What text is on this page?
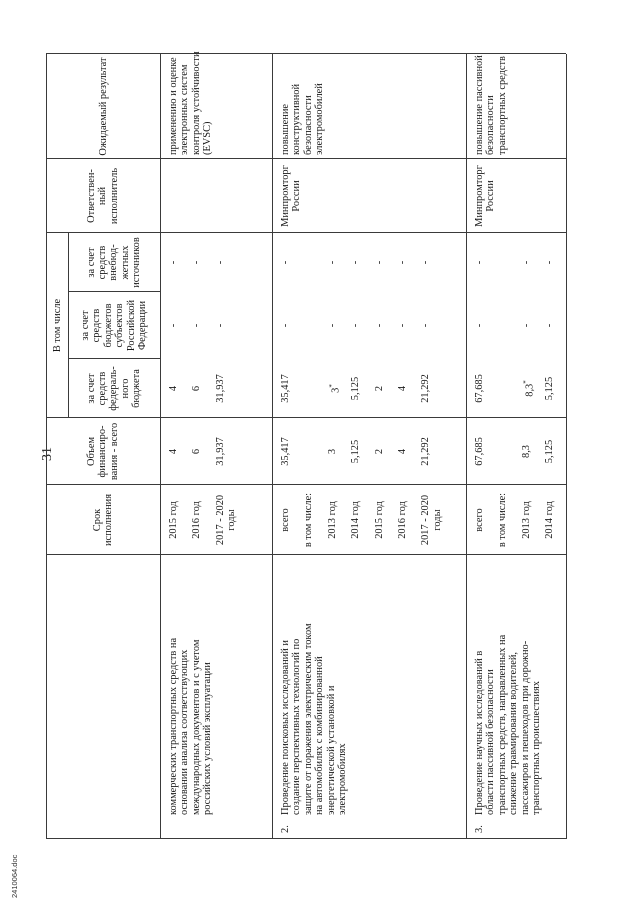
31
Срок исполнения
Объем финансиро-вания - всего
В том числе
за счет средств федераль-ного бюджета
за счет средств бюджетов субъектов Российской Федерации
за счет средств внебюд-жетных источников
Ответствен-ный исполнитель
Ожидаемый результат
коммерческих транспортных средств на основании анализа соответствующих международных документов и с учетом российских условий эксплуатации
применению и оценке электронных систем контроля устойчивости (EVSC)
2015 год
4
4
-
-
2016 год
6
6
-
-
2017 - 2020 годы
31,937
31,937
-
-
2.
Проведение поисковых исследований и создание перспективных технологий по защите от поражения электрическим током на автомобилях с комбинированной энергетической установкой и электромобилях
Минпромторг России
повышение конструктивной безопасности электромобилей
всего
35,417
35,417
-
-
в том числе: 2013 год
3
3*
-
-
2014 год
5,125
5,125
-
-
2015 год
2
2
-
-
2016 год
4
4
-
-
2017 - 2020 годы
21,292
21,292
-
-
3.
Проведение научных исследований в области пассивной безопасности транспортных средств, направленных на снижение травмирования водителей, пассажиров и пешеходов при дорожно- транспортных происшествиях
Минпромторг России
повышение пассивной безопасности транспортных средств
всего
67,685
67,685
-
-
в том числе: 2013 год
8,3
8,3*
-
-
2014 год
5,125
5,125
-
-
2410064.doc
